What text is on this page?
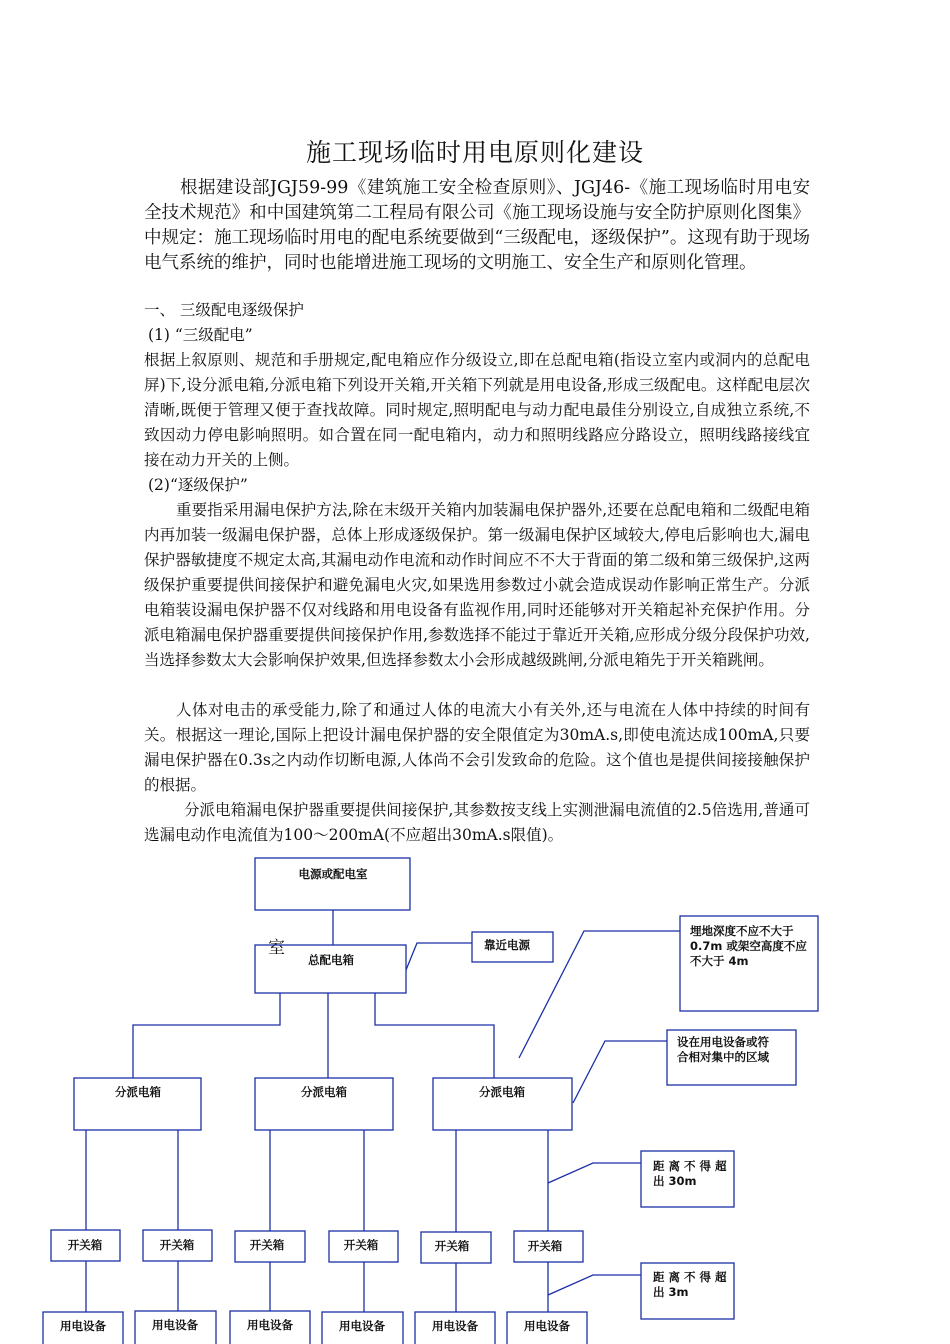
施工现场临时用电原则化建设

根据建设部JGJ59-99《建筑施工安全检查原则》、JGJ46-《施工现场临时用电安全技术规范》和中国建筑第二工程局有限公司《施工现场设施与安全防护原则化图集》中规定：施工现场临时用电的配电系统要做到“三级配电，逐级保护”。这现有助于现场电气系统的维护，同时也能增进施工现场的文明施工、安全生产和原则化管理。

一、 三级配电逐级保护
(1) “三级配电”

根据上叙原则、规范和手册规定,配电箱应作分级设立,即在总配电箱(指设立室内或洞内的总配电屏)下,设分派电箱,分派电箱下列设开关箱,开关箱下列就是用电设备,形成三级配电。这样配电层次清晰,既便于管理又便于查找故障。同时规定,照明配电与动力配电最佳分别设立,自成独立系统,不致因动力停电影响照明。如合置在同一配电箱内，动力和照明线路应分路设立，照明线路接线宜接在动力开关的上侧。

(2)“逐级保护”

重要指采用漏电保护方法,除在末级开关箱内加装漏电保护器外,还要在总配电箱和二级配电箱内再加装一级漏电保护器，总体上形成逐级保护。第一级漏电保护区域较大,停电后影响也大,漏电保护器敏捷度不规定太高,其漏电动作电流和动作时间应不不大于背面的第二级和第三级保护,这两级保护重要提供间接保护和避免漏电火灾,如果选用参数过小就会造成误动作影响正常生产。分派电箱装设漏电保护器不仅对线路和用电设备有监视作用,同时还能够对开关箱起补充保护作用。分派电箱漏电保护器重要提供间接保护作用,参数选择不能过于靠近开关箱,应形成分级分段保护功效,当选择参数太大会影响保护效果,但选择参数太小会形成越级跳闸,分派电箱先于开关箱跳闸。

人体对电击的承受能力,除了和通过人体的电流大小有关外,还与电流在人体中持续的时间有关。根据这一理论,国际上把设计漏电保护器的安全限值定为30mA.s,即使电流达成100mA,只要漏电保护器在0.3s之内动作切断电源,人体尚不会引发致命的危险。这个值也是提供间接接触保护的根据。

分派电箱漏电保护器重要提供间接保护,其参数按支线上实测泄漏电流值的2.5倍选用,普通可选漏电动作电流值为100～200mA(不应超出30mA.s限值)。

电源或配电室
室
总配电箱
靠近电源
埋地深度不应不大于
0.7m 或架空高度不应
不大于 4m
设在用电设备或符
合相对集中的区域
距 离 不 得 超
出 30m
距 离 不 得 超
出 3m
分派电箱	分派电箱	分派电箱
开关箱	开关箱	开关箱	开关箱	开关箱	开关箱
用电设备	用电设备	用电设备	用电设备	用电设备	用电设备
